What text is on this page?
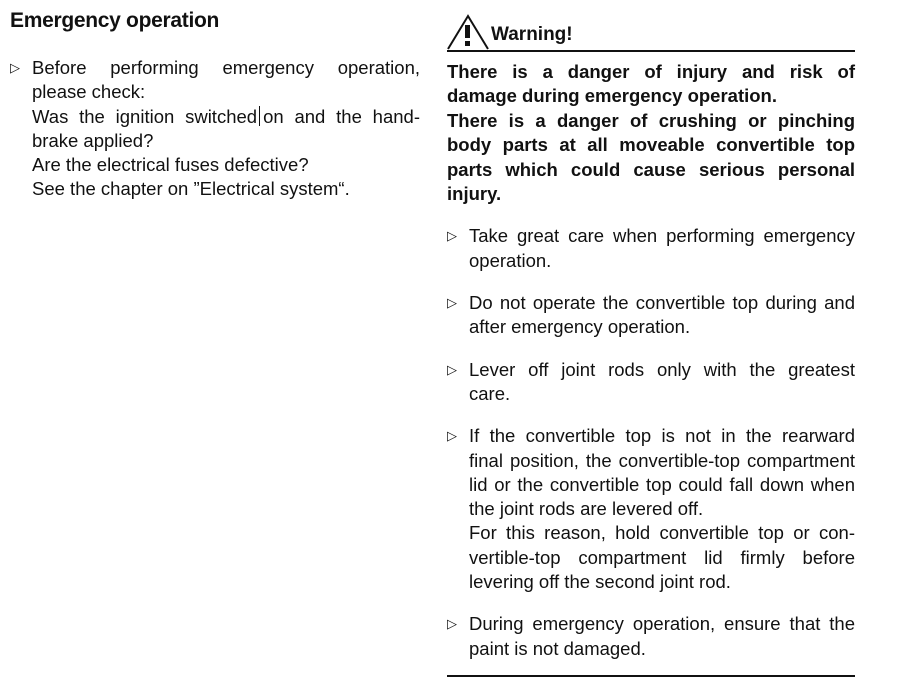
Emergency operation
▷ Before performing emergency operation,
please check:
Was the ignition switched on and the hand-
brake applied?
Are the electrical fuses defective?
See the chapter on ”Electrical system“.
Warning!
There is a danger of injury and risk of
damage during emergency operation.
There is a danger of crushing or pinching
body parts at all moveable convertible top
parts which could cause serious personal
injury.
▷ Take great care when performing emergency
operation.
▷ Do not operate the convertible top during and
after emergency operation.
▷ Lever off joint rods only with the greatest
care.
▷ If the convertible top is not in the rearward
final position, the convertible-top compartment
lid or the convertible top could fall down when
the joint rods are levered off.
For this reason, hold convertible top or con-
vertible-top compartment lid firmly before
levering off the second joint rod.
▷ During emergency operation, ensure that the
paint is not damaged.
